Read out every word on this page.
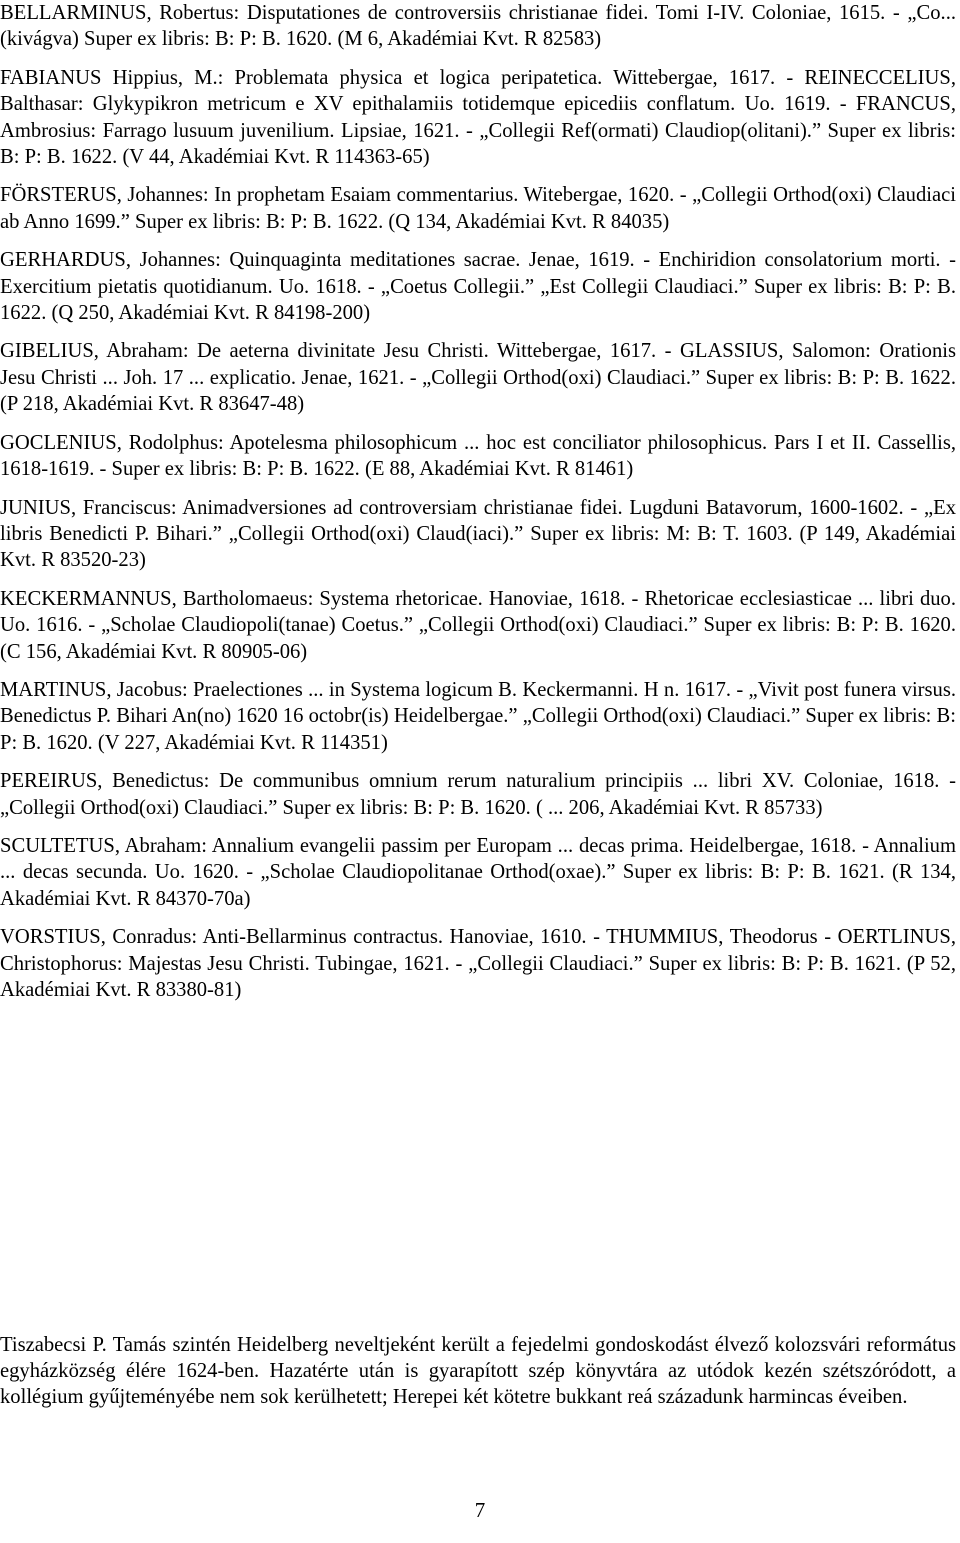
BELLARMINUS, Robertus: Disputationes de controversiis christianae fidei. Tomi I-IV. Coloniae, 1615. - „Co... (kivágva) Super ex libris: B: P: B. 1620. (M 6, Akadémiai Kvt. R 82583)

FABIANUS Hippius, M.: Problemata physica et logica peripatetica. Wittebergae, 1617. - REINECCELIUS, Balthasar: Glykypikron metricum e XV epithalamiis totidemque epicediis conflatum. Uo. 1619. - FRANCUS, Ambrosius: Farrago lusuum juvenilium. Lipsiae, 1621. - „Collegii Ref(ormati) Claudiop(olitani).” Super ex libris: B: P: B. 1622. (V 44, Akadémiai Kvt. R 114363-65)

FÖRSTERUS, Johannes: In prophetam Esaiam commentarius. Witebergae, 1620. - „Collegii Orthod(oxi) Claudiaci ab Anno 1699.” Super ex libris: B: P: B. 1622. (Q 134, Akadémiai Kvt. R 84035)

GERHARDUS, Johannes: Quinquaginta meditationes sacrae. Jenae, 1619. - Enchiridion consolatorium morti. - Exercitium pietatis quotidianum. Uo. 1618. - „Coetus Collegii.” „Est Collegii Claudiaci.” Super ex libris: B: P: B. 1622. (Q 250, Akadémiai Kvt. R 84198-200)

GIBELIUS, Abraham: De aeterna divinitate Jesu Christi. Wittebergae, 1617. - GLASSIUS, Salomon: Orationis Jesu Christi ... Joh. 17 ... explicatio. Jenae, 1621. - „Collegii Orthod(oxi) Claudiaci.” Super ex libris: B: P: B. 1622. (P 218, Akadémiai Kvt. R 83647-48)

GOCLENIUS, Rodolphus: Apotelesma philosophicum ... hoc est conciliator philosophicus. Pars I et II. Cassellis, 1618-1619. - Super ex libris: B: P: B. 1622. (E 88, Akadémiai Kvt. R 81461)

JUNIUS, Franciscus: Animadversiones ad controversiam christianae fidei. Lugduni Batavorum, 1600-1602. - „Ex libris Benedicti P. Bihari.” „Collegii Orthod(oxi) Claud(iaci).” Super ex libris: M: B: T. 1603. (P 149, Akadémiai Kvt. R 83520-23)

KECKERMANNUS, Bartholomaeus: Systema rhetoricae. Hanoviae, 1618. - Rhetoricae ecclesiasticae ... libri duo. Uo. 1616. - „Scholae Claudiopoli(tanae) Coetus.” „Collegii Orthod(oxi) Claudiaci.” Super ex libris: B: P: B. 1620. (C 156, Akadémiai Kvt. R 80905-06)

MARTINUS, Jacobus: Praelectiones ... in Systema logicum B. Keckermanni. H n. 1617. - „Vivit post funera virsus. Benedictus P. Bihari An(no) 1620 16 octobr(is) Heidelbergae.” „Collegii Orthod(oxi) Claudiaci.” Super ex libris: B: P: B. 1620. (V 227, Akadémiai Kvt. R 114351)

PEREIRUS, Benedictus: De communibus omnium rerum naturalium principiis ... libri XV. Coloniae, 1618. - „Collegii Orthod(oxi) Claudiaci.” Super ex libris: B: P: B. 1620. ( ... 206, Akadémiai Kvt. R 85733)

SCULTETUS, Abraham: Annalium evangelii passim per Europam ... decas prima. Heidelbergae, 1618. - Annalium ... decas secunda. Uo. 1620. - „Scholae Claudiopolitanae Orthod(oxae).” Super ex libris: B: P: B. 1621. (R 134, Akadémiai Kvt. R 84370-70a)

VORSTIUS, Conradus: Anti-Bellarminus contractus. Hanoviae, 1610. - THUMMIUS, Theodorus - OERTLINUS, Christophorus: Majestas Jesu Christi. Tubingae, 1621. - „Collegii Claudiaci.” Super ex libris: B: P: B. 1621. (P 52, Akadémiai Kvt. R 83380-81)

Tiszabecsi P. Tamás szintén Heidelberg neveltjeként került a fejedelmi gondoskodást élvező kolozsvári református egyházközség élére 1624-ben. Hazatérte után is gyarapított szép könyvtára az utódok kezén szétszóródott, a kollégium gyűjteményébe nem sok kerülhetett; Herepei két kötetre bukkant reá századunk harmincas éveiben.

7
